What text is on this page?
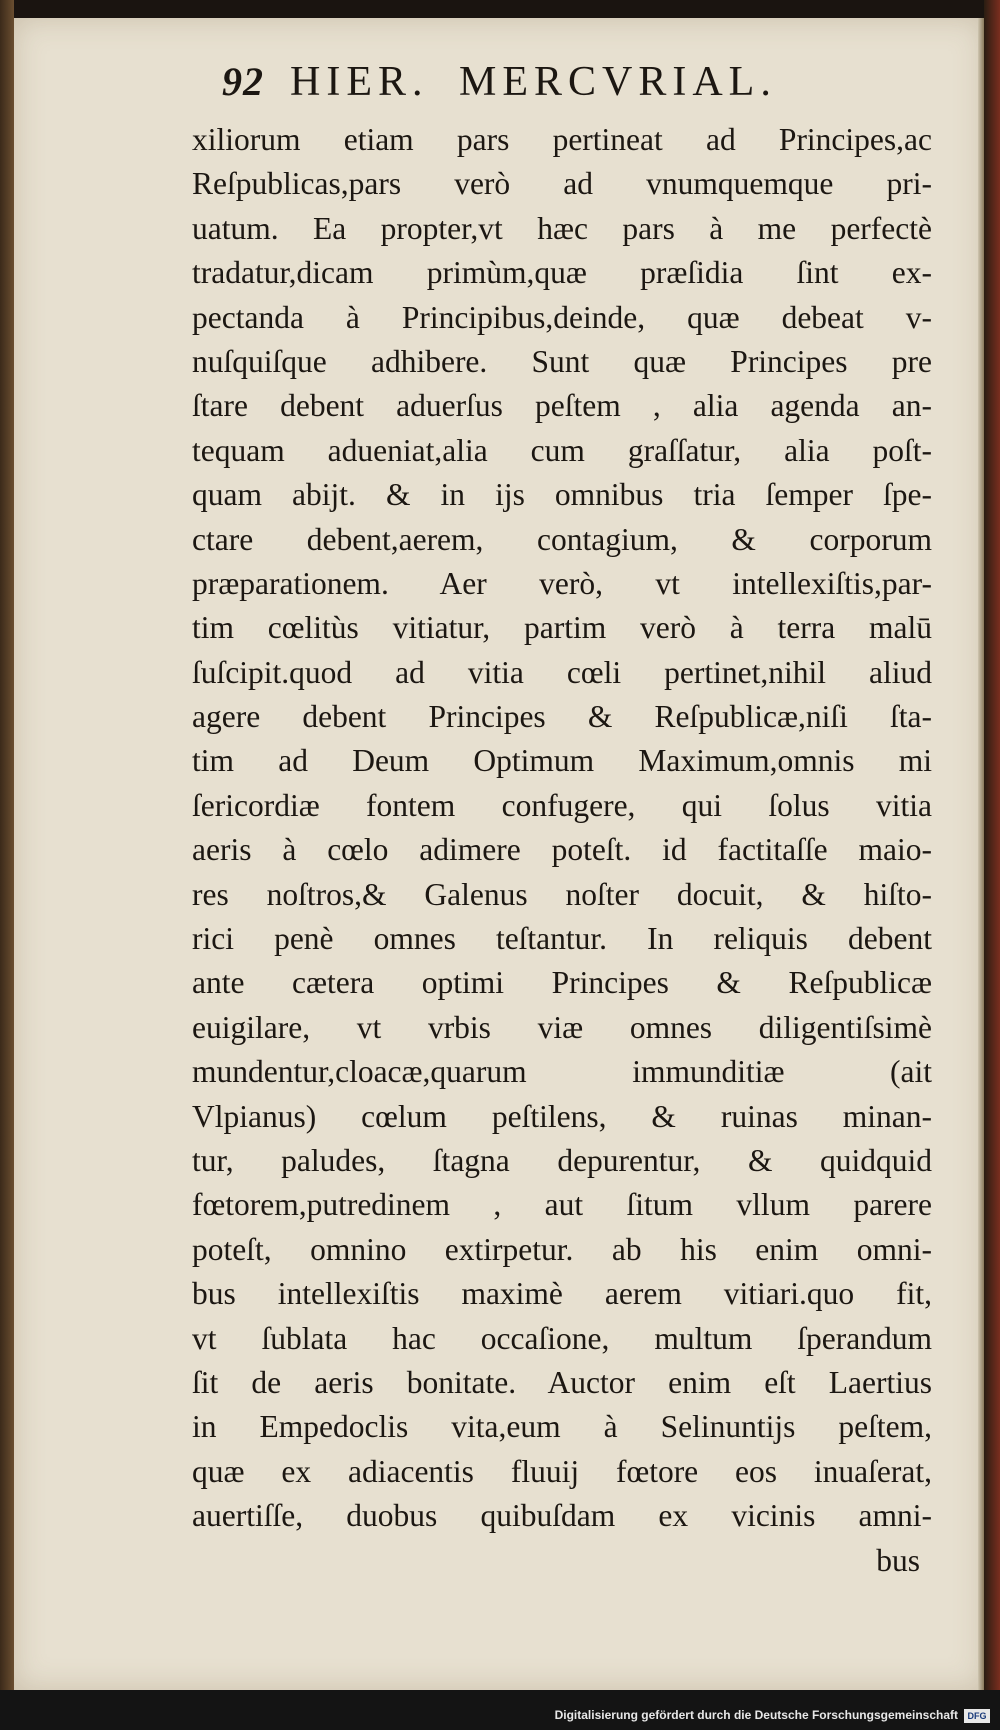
92 HIER. MERCVRIAL.
xiliorum etiam pars pertineat ad Principes,ac
Reſpublicas,pars verò ad vnumquemque pri-
uatum. Ea propter,vt hæc pars à me perfectè
tradatur,dicam primùm,quæ præſidia ſint ex-
pectanda à Principibus,deinde, quæ debeat v-
nuſquiſque adhibere. Sunt quæ Principes pre
ſtare debent aduerſus peſtem , alia agenda an-
tequam adueniat,alia cum graſſatur, alia poſt-
quam abijt. & in ijs omnibus tria ſemper ſpe-
ctare debent,aerem, contagium, & corporum
præparationem. Aer verò, vt intellexiſtis,par-
tim cœlitùs vitiatur, partim verò à terra malū
ſuſcipit.quod ad vitia cœli pertinet,nihil aliud
agere debent Principes & Reſpublicæ,niſi ſta-
tim ad Deum Optimum Maximum,omnis mi
ſericordiæ fontem confugere, qui ſolus vitia
aeris à cœlo adimere poteſt. id factitaſſe maio-
res noſtros,& Galenus noſter docuit, & hiſto-
rici penè omnes teſtantur. In reliquis debent
ante cætera optimi Principes & Reſpublicæ
euigilare, vt vrbis viæ omnes diligentiſsimè
mundentur,cloacæ,quarum immunditiæ (ait
Vlpianus) cœlum peſtilens, & ruinas minan-
tur, paludes, ſtagna depurentur, & quidquid
fœtorem,putredinem , aut ſitum vllum parere
poteſt, omnino extirpetur. ab his enim omni-
bus intellexiſtis maximè aerem vitiari.quo fit,
vt ſublata hac occaſione, multum ſperandum
ſit de aeris bonitate. Auctor enim eſt Laertius
in Empedoclis vita,eum à Selinuntijs peſtem,
quæ ex adiacentis fluuij fœtore eos inuaſerat,
auertiſſe, duobus quibuſdam ex vicinis amni-
bus
Digitalisierung gefördert durch die Deutsche Forschungsgemeinschaft	DFG
